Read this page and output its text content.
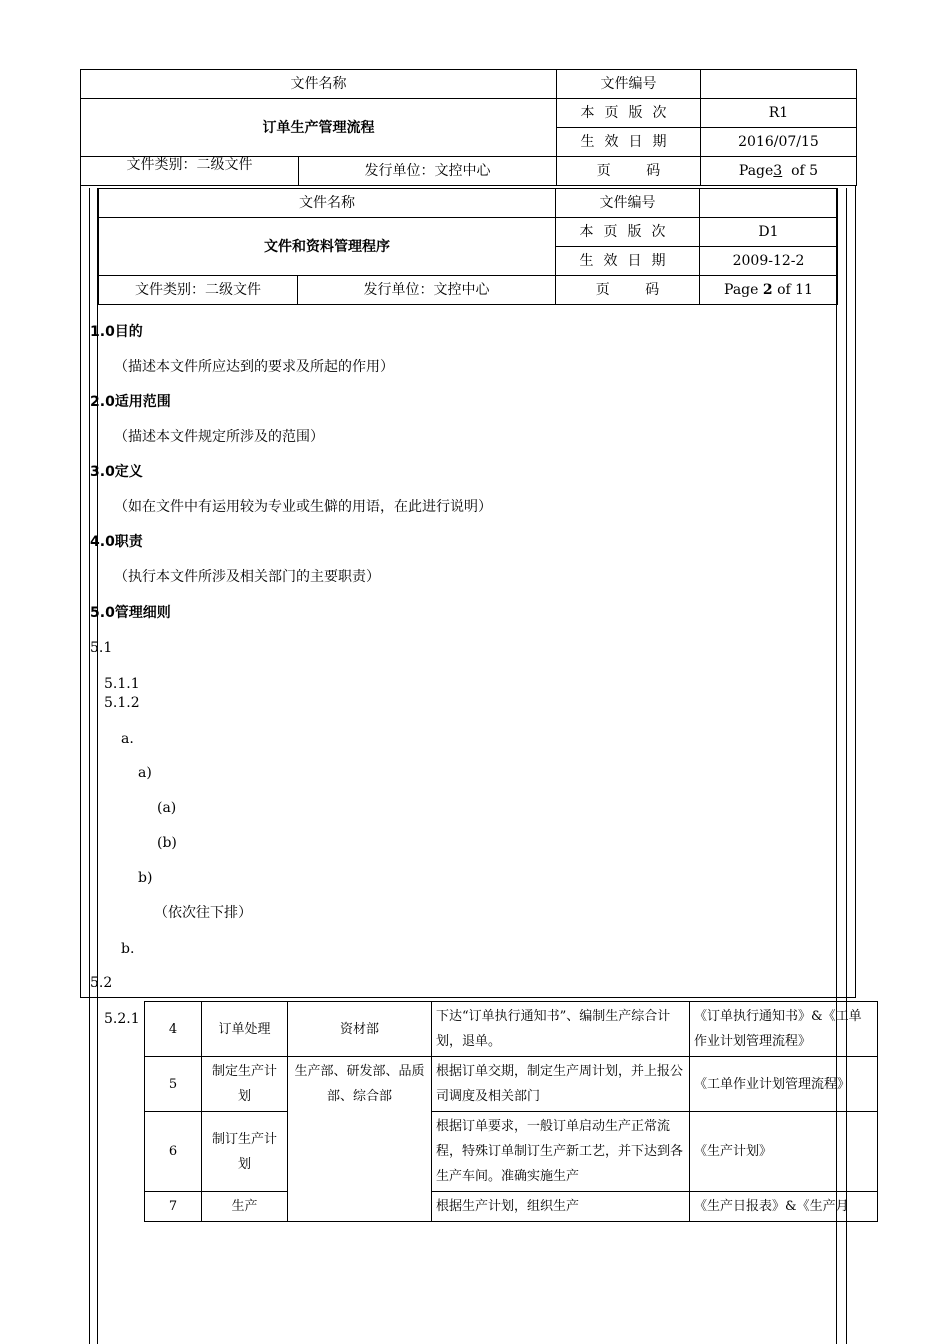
文件名称		文件编号	
订单生产管理流程		本页版次	R1
		生效日期	2016/07/15
文件类别：二级文件	发行单位：文控中心	页        码	Page3 of 5
文件名称		文件编号	
文件和资料管理程序		本页版次	D1
		生效日期	2009-12-2
文件类别：二级文件	发行单位：文控中心	页        码	Page 2 of 11
1.0目的
（描述本文件所应达到的要求及所起的作用）
2.0适用范围
（描述本文件规定所涉及的范围）
3.0定义
（如在文件中有运用较为专业或生僻的用语，在此进行说明）
4.0职责
（执行本文件所涉及相关部门的主要职责）
5.0管理细则
5.1
5.1.1
5.1.2
a.
a)
(a)
(b)
b)
（依次往下排）
b.
5.2
5.2.1
4	订单处理	资材部	下达“订单执行通知书”、编制生产综合计划，退单。	《订单执行通知书》&《工单作业计划管理流程》
5	制定生产计划	生产部、研发部、品质部、综合部	根据订单交期，制定生产周计划，并上报公司调度及相关部门	《工单作业计划管理流程》
6	制订生产计划		根据订单要求，一般订单启动生产正常流程，特殊订单制订生产新工艺，并下达到各生产车间。准确实施生产	《生产计划》
7	生产		根据生产计划，组织生产	《生产日报表》&《生产月
